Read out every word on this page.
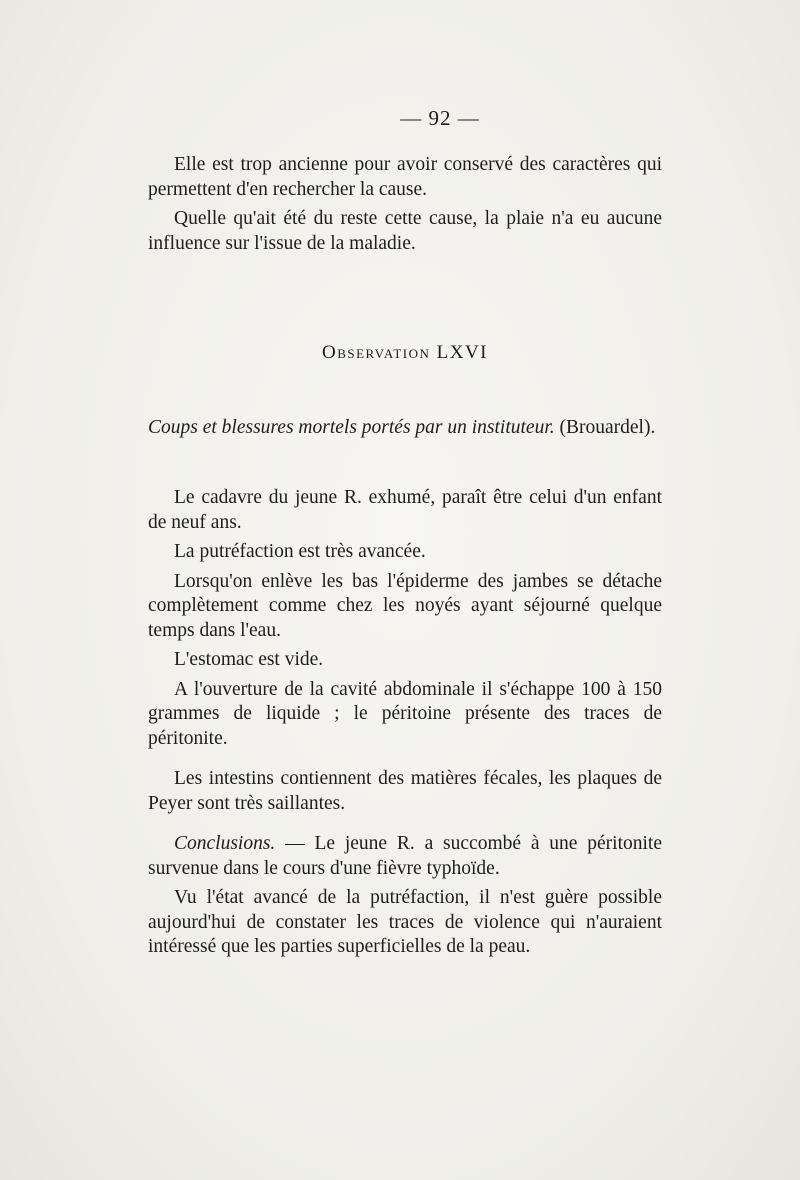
— 92 —

Elle est trop ancienne pour avoir conservé des caractères qui permettent d'en rechercher la cause.

Quelle qu'ait été du reste cette cause, la plaie n'a eu aucune influence sur l'issue de la maladie.

Observation LXVI

Coups et blessures mortels portés par un instituteur. (Brouardel).

Le cadavre du jeune R. exhumé, paraît être celui d'un enfant de neuf ans.

La putréfaction est très avancée.

Lorsqu'on enlève les bas l'épiderme des jambes se détache complètement comme chez les noyés ayant séjourné quelque temps dans l'eau.

L'estomac est vide.

A l'ouverture de la cavité abdominale il s'échappe 100 à 150 grammes de liquide ; le péritoine présente des traces de péritonite.

Les intestins contiennent des matières fécales, les plaques de Peyer sont très saillantes.

Conclusions. — Le jeune R. a succombé à une péritonite survenue dans le cours d'une fièvre typhoïde.

Vu l'état avancé de la putréfaction, il n'est guère possible aujourd'hui de constater les traces de violence qui n'auraient intéressé que les parties superficielles de la peau.
